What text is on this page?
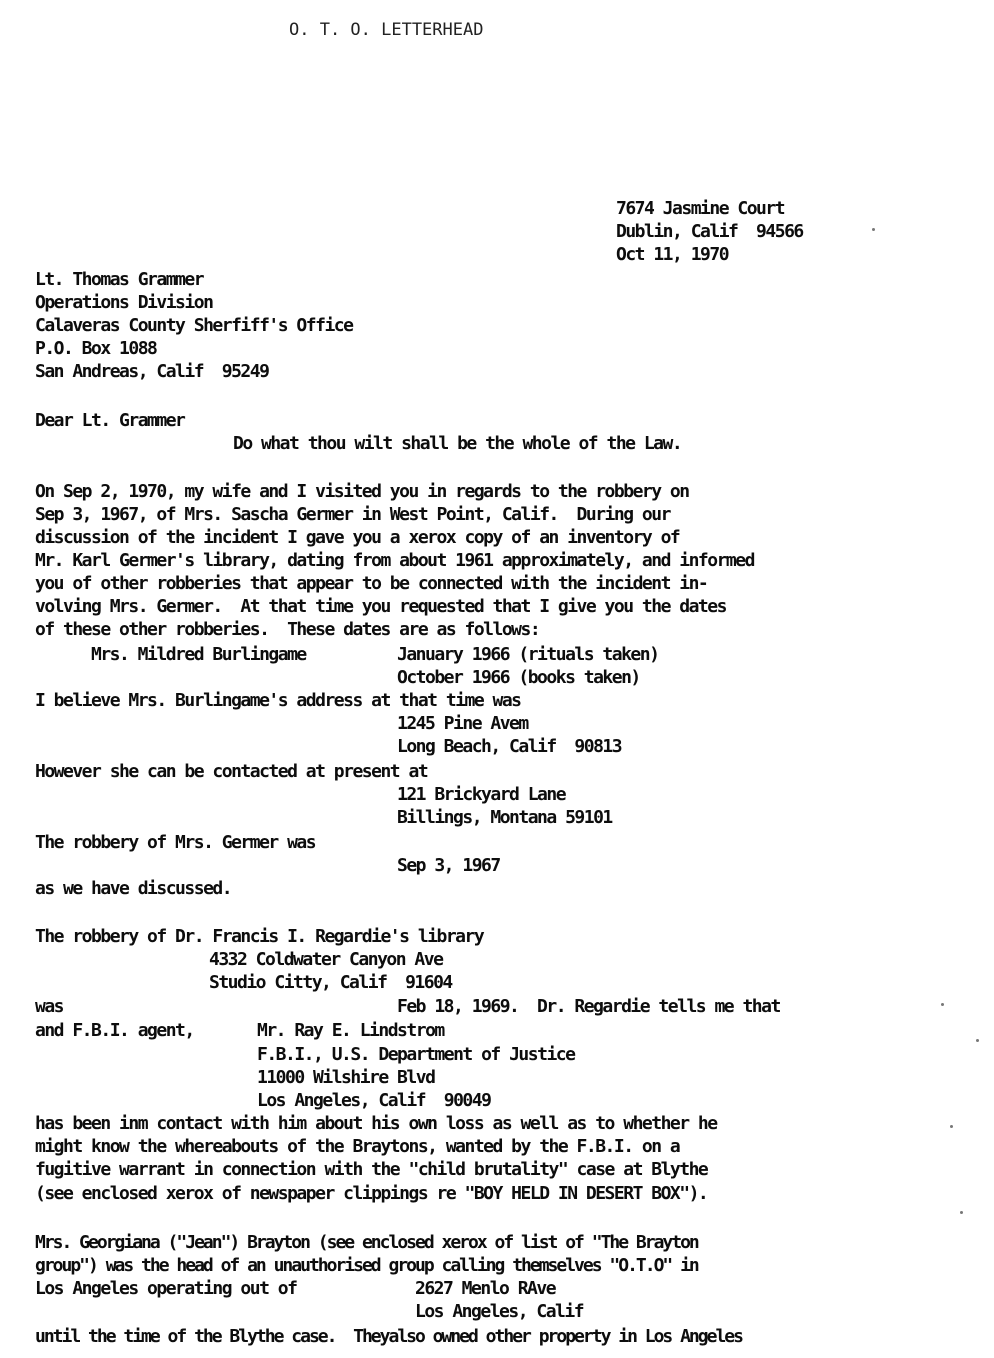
O. T. O. LETTERHEAD
7674 Jasmine Court
Dublin, Calif  94566
Oct 11, 1970
Lt. Thomas Grammer
Operations Division
Calaveras County Sherfiff's Office
P.O. Box 1088
San Andreas, Calif  95249
Dear Lt. Grammer
Do what thou wilt shall be the whole of the Law.
On Sep 2, 1970, my wife and I visited you in regards to the robbery on
Sep 3, 1967, of Mrs. Sascha Germer in West Point, Calif.  During our
discussion of the incident I gave you a xerox copy of an inventory of
Mr. Karl Germer's library, dating from about 1961 approximately, and informed
you of other robberies that appear to be connected with the incident in-
volving Mrs. Germer.  At that time you requested that I give you the dates
of these other robberies.  These dates are as follows:
Mrs. Mildred Burlingame	January 1966 (rituals taken)
October 1966 (books taken)
I believe Mrs. Burlingame's address at that time was
1245 Pine Avem
Long Beach, Calif  90813
However she can be contacted at present at
121 Brickyard Lane
Billings, Montana 59101
The robbery of Mrs. Germer was
Sep 3, 1967
as we have discussed.
The robbery of Dr. Francis I. Regardie's library
4332 Coldwater Canyon Ave
Studio Citty, Calif  91604
was	Feb 18, 1969.  Dr. Regardie tells me that
and F.B.I. agent,	Mr. Ray E. Lindstrom
F.B.I., U.S. Department of Justice
11000 Wilshire Blvd
Los Angeles, Calif  90049
has been inm contact with him about his own loss as well as to whether he
might know the whereabouts of the Braytons, wanted by the F.B.I. on a
fugitive warrant in connection with the "child brutality" case at Blythe
(see enclosed xerox of newspaper clippings re "BOY HELD IN DESERT BOX").
Mrs. Georgiana ("Jean") Brayton (see enclosed xerox of list of "The Brayton
group") was the head of an unauthorised group calling themselves "O.T.O" in
Los Angeles operating out of	2627 Menlo RAve
Los Angeles, Calif
until the time of the Blythe case.  Theyalso owned other property in Los Angeles
